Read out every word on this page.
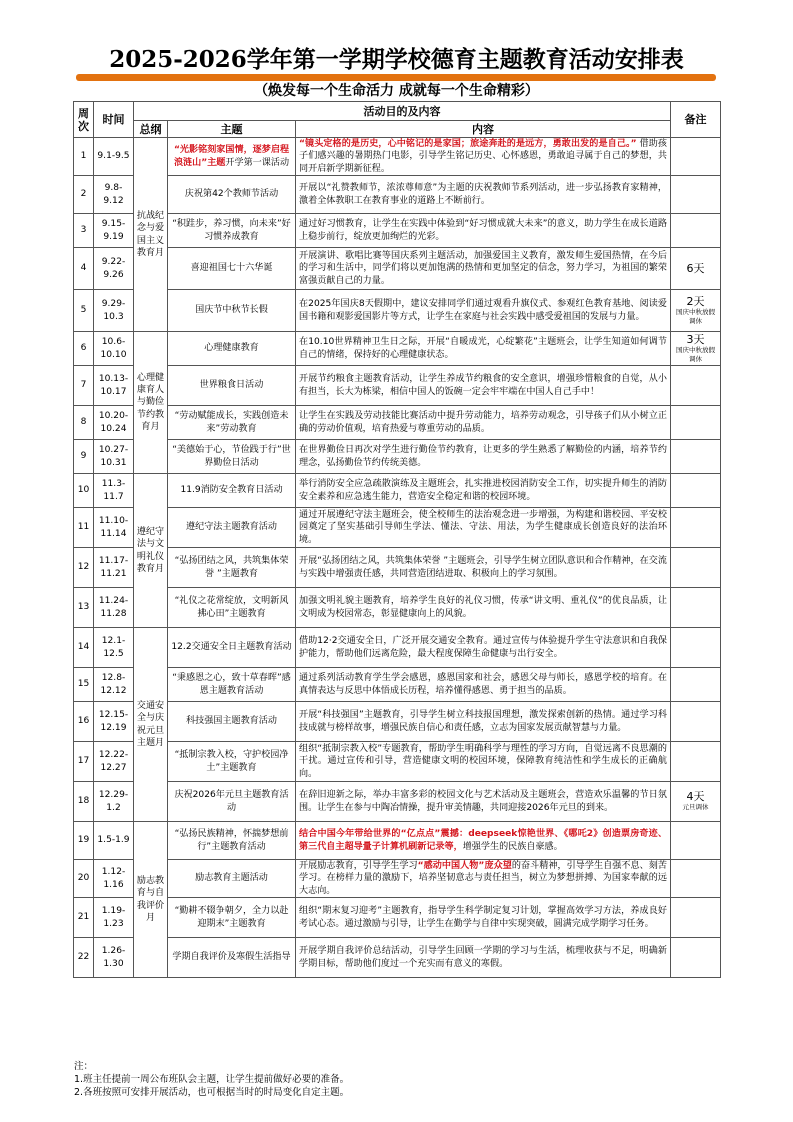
2025-2026学年第一学期学校德育主题教育活动安排表
（焕发每一个生命活力 成就每一个生命精彩）
周次	时间	活动目的及内容			备注
		总纲	主题	内容	
1	9.1-9.5	抗战纪念与爱国主义教育月	“光影铭刻家国情，逐梦启程浪涟山”主题开学第一课活动	“镜头定格的是历史，心中铭记的是家国；旅途奔赴的是远方，勇敢出发的是自己。” 借助孩子们感兴趣的暑期热门电影，引导学生铭记历史、心怀感恩，勇敢追寻属于自己的梦想，共同开启新学期新征程。	

2	9.8-9.12		庆祝第42个教师节活动	开展以“礼赞教师节，浓浓尊师意”为主题的庆祝教师节系列活动，进一步弘扬教育家精神，激着全体教职工在教育事业的道路上不断前行。	

3	9.15-9.19		“积跬步，养习惯，向未来”好习惯养成教育	通过好习惯教育，让学生在实践中体验到“好习惯成就大未来”的意义，助力学生在成长道路上稳步前行，绽放更加绚烂的光彩。	

4	9.22-9.26		喜迎祖国七十六华诞	开展演讲、歌唱比赛等国庆系列主题活动，加强爱国主义教育，激发师生爱国热情，在今后的学习和生活中，同学们将以更加饱满的热情和更加坚定的信念，努力学习，为祖国的繁荣富强贡献自己的力量。	6天

5	9.29-10.3		国庆节中秋节长假	在2025年国庆8天假期中，建议安排同学们通过观看升旗仪式、参观红色教育基地、阅读爱国书籍和观影爱国影片等方式，让学生在家庭与社会实践中感受爱祖国的发展与力量。	2天
国庆中秋放假调休

6	10.6-10.10	心理健康育人与勤俭节约教育月	心理健康教育	在10.10世界精神卫生日之际，开展“自暖成光，心绽繁花”主题班会，让学生知道如何调节自己的情绪，保持好的心理健康状态。	3天
国庆中秋放假调休

7	10.13-10.17		世界粮食日活动	开展节约粮食主题教育活动，让学生养成节约粮食的安全意识，增强珍惜粮食的自觉，从小有担当，长大为栋梁，相信中国人的饭碗一定会牢牢端在中国人自己手中！	

8	10.20-10.24		“劳动赋能成长，实践创造未来”劳动教育	让学生在实践及劳动技能比赛活动中提升劳动能力，培养劳动观念，引导孩子们从小树立正确的劳动价值观，培育热爱与尊重劳动的品质。	

9	10.27-10.31		“美德始于心，节俭践于行”世界勤俭日活动	在世界勤俭日再次对学生进行勤俭节约教育，让更多的学生熟悉了解勤俭的内涵，培养节约理念，弘扬勤俭节约传统美德。	

10	11.3-11.7	遵纪守法与文明礼仪教育月	11.9消防安全教育日活动	举行消防安全应急疏散演练及主题班会，扎实推进校园消防安全工作，切实提升师生的消防安全素养和应急逃生能力，营造安全稳定和谐的校园环境。	

11	11.10-11.14		遵纪守法主题教育活动	通过开展遵纪守法主题班会，使全校师生的法治观念进一步增强，为构建和谐校园、平安校园奠定了坚实基础引导师生学法、懂法、守法、用法，为学生健康成长创造良好的法治环境。	

12	11.17-11.21		“弘扬团结之风，共筑集体荣誉 ”主题教育	开展“弘扬团结之风，共筑集体荣誉 ”主题班会，引导学生树立团队意识和合作精神，在交流与实践中增强责任感，共同营造团结进取、积极向上的学习氛围。	

13	11.24-11.28		“礼仪之花常绽放，文明新风拂心田”主题教育	加强文明礼貌主题教育，培养学生良好的礼仪习惯，传承“讲文明、重礼仪”的优良品质，让文明成为校园常态，彰显健康向上的风貌。	

14	12.1-12.5	交通安全与庆祝元旦主题月	12.2交通安全日主题教育活动	借助12·2交通安全日，广泛开展交通安全教育。通过宣传与体验提升学生守法意识和自我保护能力，帮助他们远离危险，最大程度保障生命健康与出行安全。	

15	12.8-12.12		“秉感恩之心，致十草春晖”感恩主题教育活动	通过系列活动教育学生学会感恩，感恩国家和社会，感恩父母与师长，感恩学校的培育。在真情表达与反思中体悟成长历程，培养懂得感恩、勇于担当的品质。	

16	12.15-12.19		科技强国主题教育活动	开展“科技强国”主题教育，引导学生树立科技报国理想，激发探索创新的热情。通过学习科技成就与榜样故事，增强民族自信心和责任感，立志为国家发展贡献智慧与力量。	

17	12.22-12.27		“抵制宗教入校，守护校园净土”主题教育	组织“抵制宗教入校”专题教育，帮助学生明确科学与理性的学习方向，自觉远离不良思潮的干扰。通过宣传和引导，营造健康文明的校园环境，保障教育纯洁性和学生成长的正确航向。	

18	12.29-1.2		庆祝2026年元旦主题教育活动	在辞旧迎新之际，举办丰富多彩的校园文化与艺术活动及主题班会，营造欢乐温馨的节日氛围。让学生在参与中陶冶情操，提升审美情趣，共同迎接2026年元旦的到来。	4天
元旦调休

19	1.5-1.9	励志教育与自我评价月	“弘扬民族精神，怀揣梦想前行”主题教育活动	结合中国今年带给世界的“亿点点”震撼：deepseek惊艳世界、《哪吒2》创造票房奇迹、第三代自主超导量子计算机刷新记录等，增强学生的民族自豪感。	

20	1.12-1.16		励志教育主题活动	开展励志教育，引导学生学习“感动中国人物”庞众望的奋斗精神，引导学生自强不息、刻苦学习。在榜样力量的激励下，培养坚韧意志与责任担当，树立为梦想拼搏、为国家奉献的远大志向。	

21	1.19-1.23		“勤耕不辍争朝夕，全力以赴迎期末”主题教育	组织“期末复习迎考”主题教育，指导学生科学制定复习计划，掌握高效学习方法，养成良好考试心态。通过激励与引导，让学生在勤学与自律中实现突破，圆满完成学期学习任务。	

22	1.26-1.30		学期自我评价及寒假生活指导	开展学期自我评价总结活动，引导学生回顾一学期的学习与生活，梳理收获与不足，明确新学期目标，帮助他们度过一个充实而有意义的寒假。	
注：
1.班主任提前一周公布班队会主题，让学生提前做好必要的准备。
2.各班按照可安排开展活动，也可根据当时的时局变化自定主题。
